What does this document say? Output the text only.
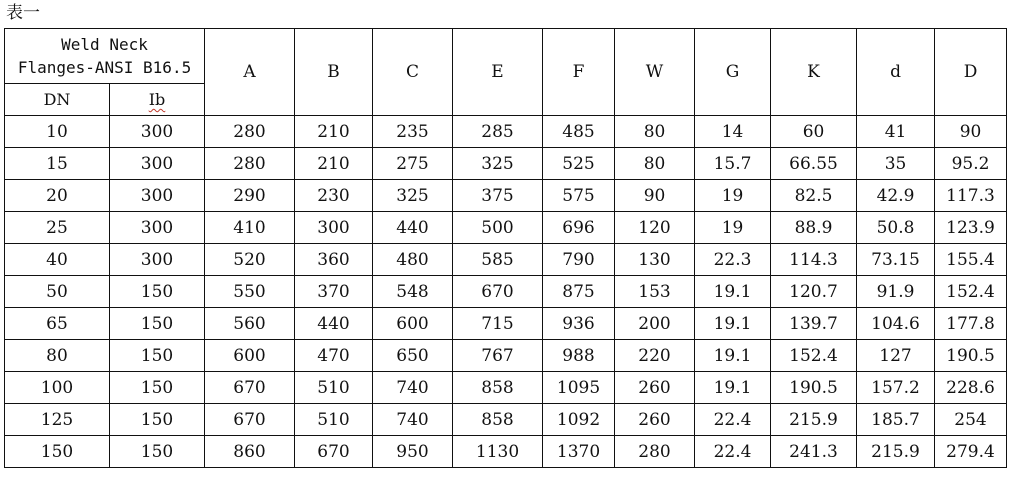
表一
Weld Neck
Flanges-ANSI B16.5		A	B	C	E	F	W	G	K	d	D
DN	Ib										
10	300	280	210	235	285	485	80	14	60	41	90
15	300	280	210	275	325	525	80	15.7	66.55	35	95.2
20	300	290	230	325	375	575	90	19	82.5	42.9	117.3
25	300	410	300	440	500	696	120	19	88.9	50.8	123.9
40	300	520	360	480	585	790	130	22.3	114.3	73.15	155.4
50	150	550	370	548	670	875	153	19.1	120.7	91.9	152.4
65	150	560	440	600	715	936	200	19.1	139.7	104.6	177.8
80	150	600	470	650	767	988	220	19.1	152.4	127	190.5
100	150	670	510	740	858	1095	260	19.1	190.5	157.2	228.6
125	150	670	510	740	858	1092	260	22.4	215.9	185.7	254
150	150	860	670	950	1130	1370	280	22.4	241.3	215.9	279.4
